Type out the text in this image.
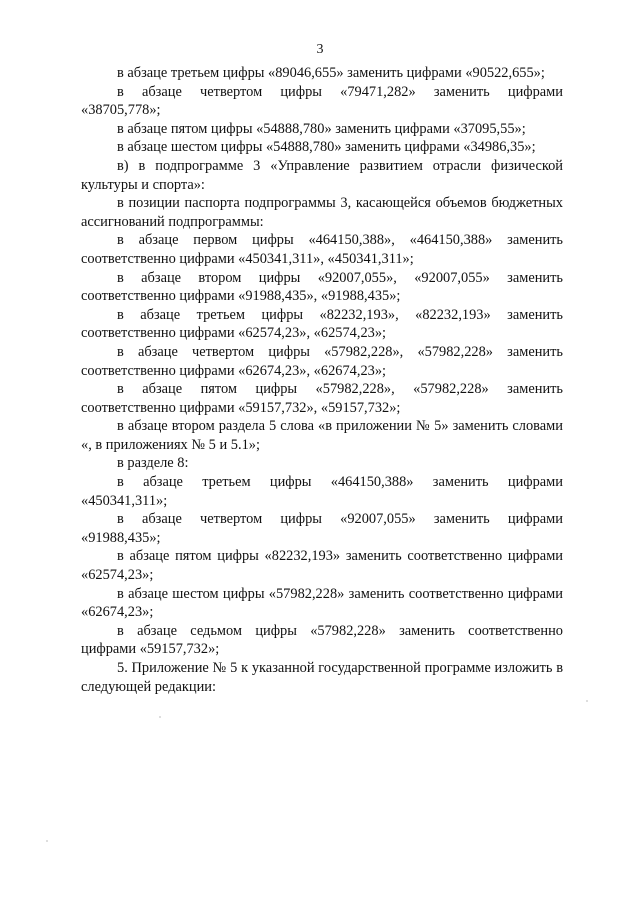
3

в абзаце третьем цифры «89046,655» заменить цифрами «90522,655»;

в абзаце четвертом цифры «79471,282» заменить цифрами «38705,778»;

в абзаце пятом цифры «54888,780» заменить цифрами «37095,55»;

в абзаце шестом цифры «54888,780» заменить цифрами «34986,35»;

в) в подпрограмме 3 «Управление развитием отрасли физической культуры и спорта»:

в позиции паспорта подпрограммы 3, касающейся объемов бюджетных ассигнований подпрограммы:

в абзаце первом цифры «464150,388», «464150,388» заменить соответственно цифрами «450341,311», «450341,311»;

в абзаце втором цифры «92007,055», «92007,055» заменить соответственно цифрами «91988,435», «91988,435»;

в абзаце третьем цифры «82232,193», «82232,193» заменить соответственно цифрами «62574,23», «62574,23»;

в абзаце четвертом цифры «57982,228», «57982,228» заменить соответственно цифрами «62674,23», «62674,23»;

в абзаце пятом цифры «57982,228», «57982,228» заменить соответственно цифрами «59157,732», «59157,732»;

в абзаце втором раздела 5 слова «в приложении № 5» заменить словами «, в приложениях № 5 и 5.1»;

в разделе 8:

в абзаце третьем цифры «464150,388» заменить цифрами «450341,311»;

в абзаце четвертом цифры «92007,055» заменить цифрами «91988,435»;

в абзаце пятом цифры «82232,193» заменить соответственно цифрами «62574,23»;

в абзаце шестом цифры «57982,228» заменить соответственно цифрами «62674,23»;

в абзаце седьмом цифры «57982,228» заменить соответственно цифрами «59157,732»;

5. Приложение № 5 к указанной государственной программе изложить в следующей редакции:
